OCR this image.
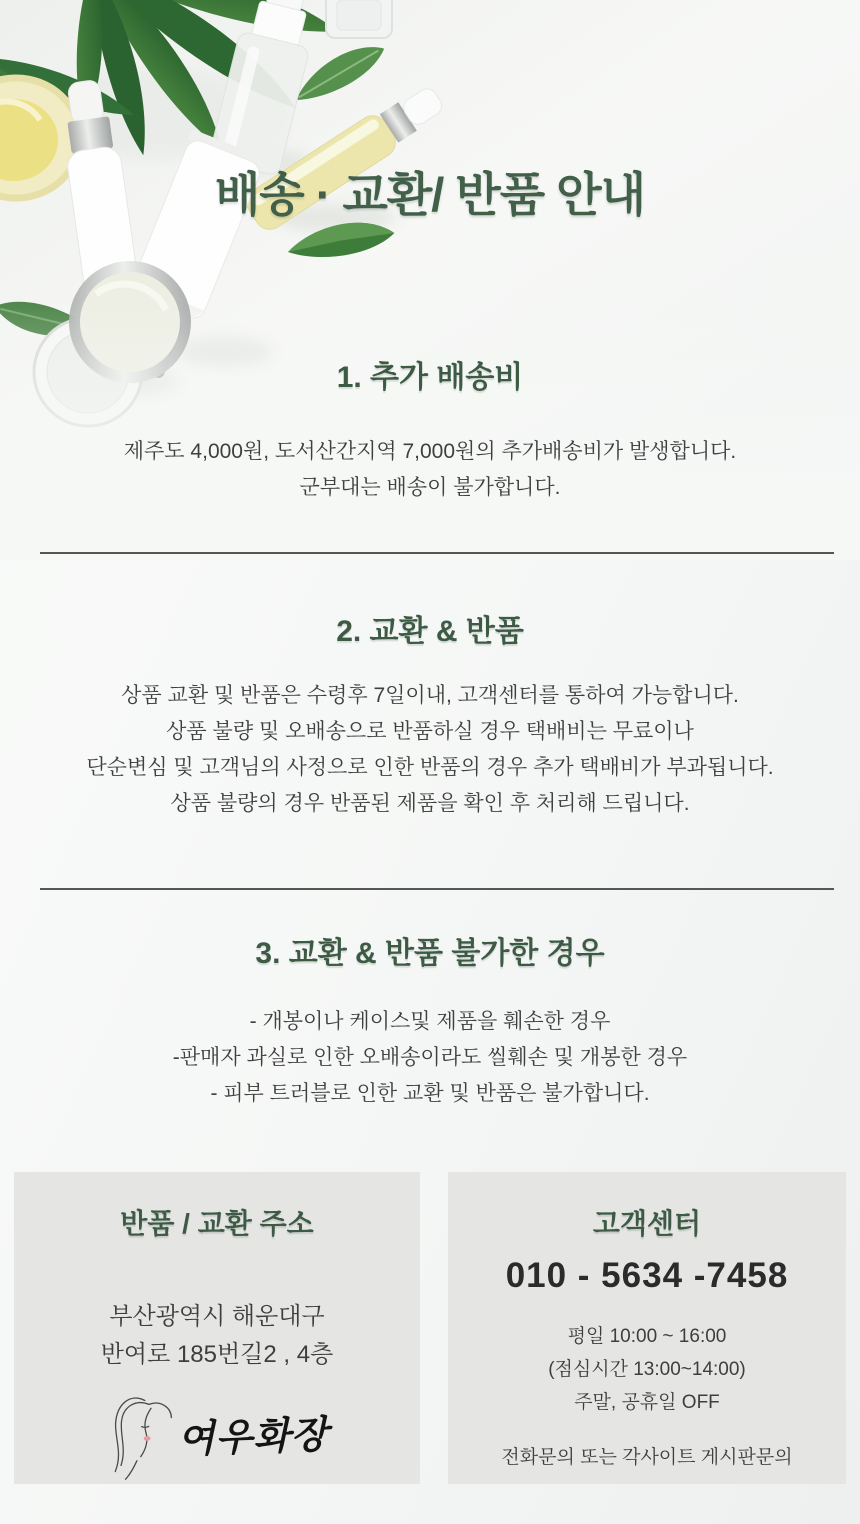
배송 · 교환/ 반품 안내
1. 추가 배송비

제주도 4,000원, 도서산간지역 7,000원의 추가배송비가 발생합니다.

군부대는 배송이 불가합니다.

2. 교환 & 반품

상품 교환 및 반품은 수령후 7일이내, 고객센터를 통하여 가능합니다.

상품 불량 및 오배송으로 반품하실 경우 택배비는 무료이나

단순변심 및 고객님의 사정으로 인한 반품의 경우 추가 택배비가 부과됩니다.

상품 불량의 경우 반품된 제품을 확인 후 처리해 드립니다.

3. 교환 & 반품 불가한 경우

- 개봉이나 케이스및 제품을 훼손한 경우

-판매자 과실로 인한 오배송이라도 씰훼손 및 개봉한 경우

- 피부 트러블로 인한 교환 및 반품은 불가합니다.

반품 / 교환 주소

부산광역시 해운대구

반여로 185번길2 , 4층

여우화장
고객센터
010 - 5634 -7458

평일 10:00 ~ 16:00

(점심시간 13:00~14:00)

주말, 공휴일 OFF

전화문의 또는 각사이트 게시판문의
